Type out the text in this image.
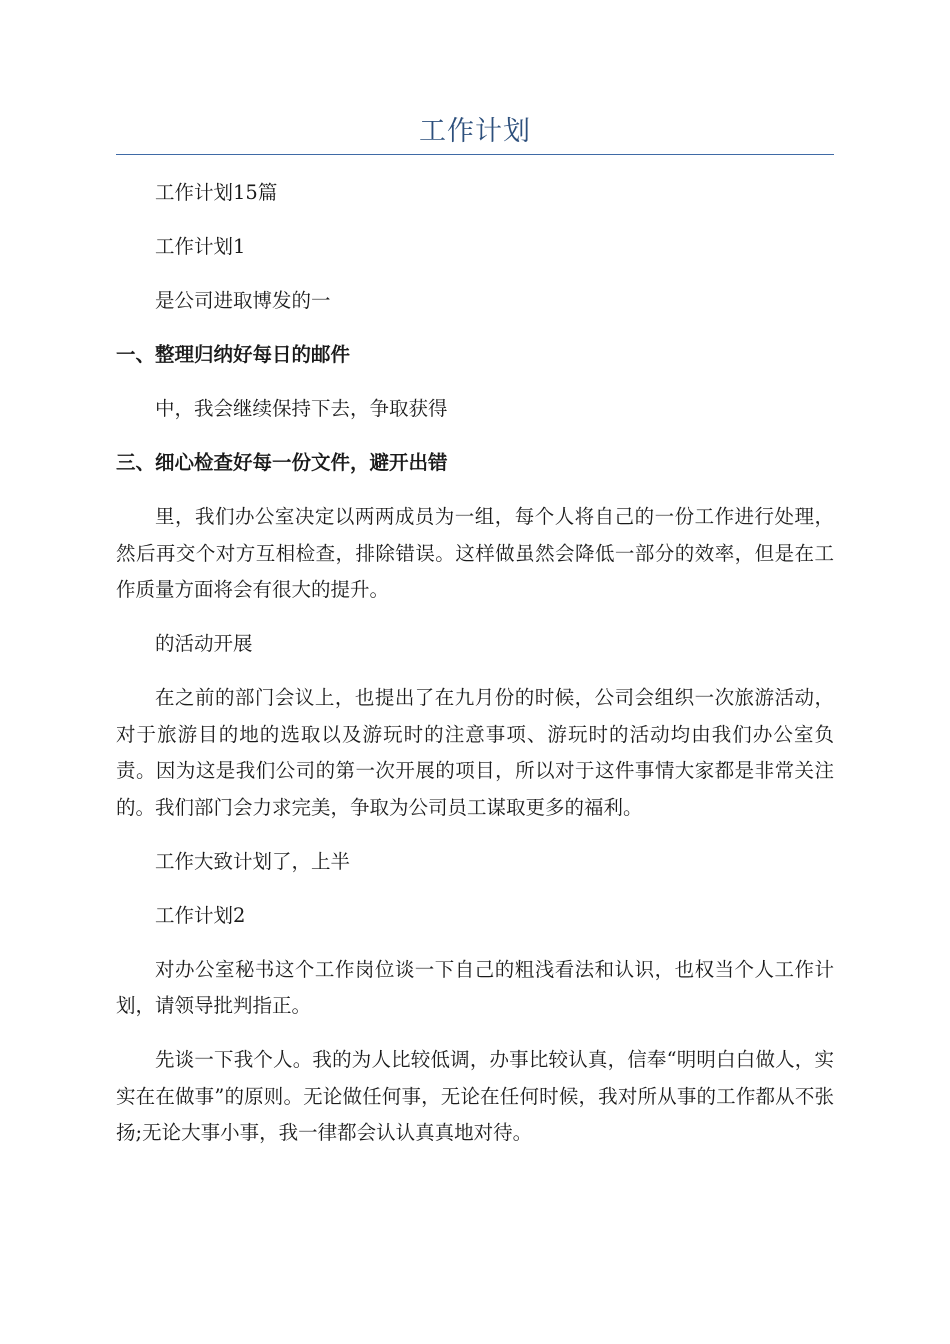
工作计划

工作计划15篇

工作计划1

是公司进取博发的一

一、整理归纳好每日的邮件

中，我会继续保持下去，争取获得

三、细心检查好每一份文件，避开出错

里，我们办公室决定以两两成员为一组，每个人将自己的一份工作进行处理，然后再交个对方互相检查，排除错误。这样做虽然会降低一部分的效率，但是在工作质量方面将会有很大的提升。

的活动开展

在之前的部门会议上，也提出了在九月份的时候，公司会组织一次旅游活动，对于旅游目的地的选取以及游玩时的注意事项、游玩时的活动均由我们办公室负责。因为这是我们公司的第一次开展的项目，所以对于这件事情大家都是非常关注的。我们部门会力求完美，争取为公司员工谋取更多的福利。

工作大致计划了，上半

工作计划2

对办公室秘书这个工作岗位谈一下自己的粗浅看法和认识，也权当个人工作计划，请领导批判指正。

先谈一下我个人。我的为人比较低调，办事比较认真，信奉“明明白白做人，实实在在做事”的原则。无论做任何事，无论在任何时候，我对所从事的工作都从不张扬;无论大事小事，我一律都会认认真真地对待。
